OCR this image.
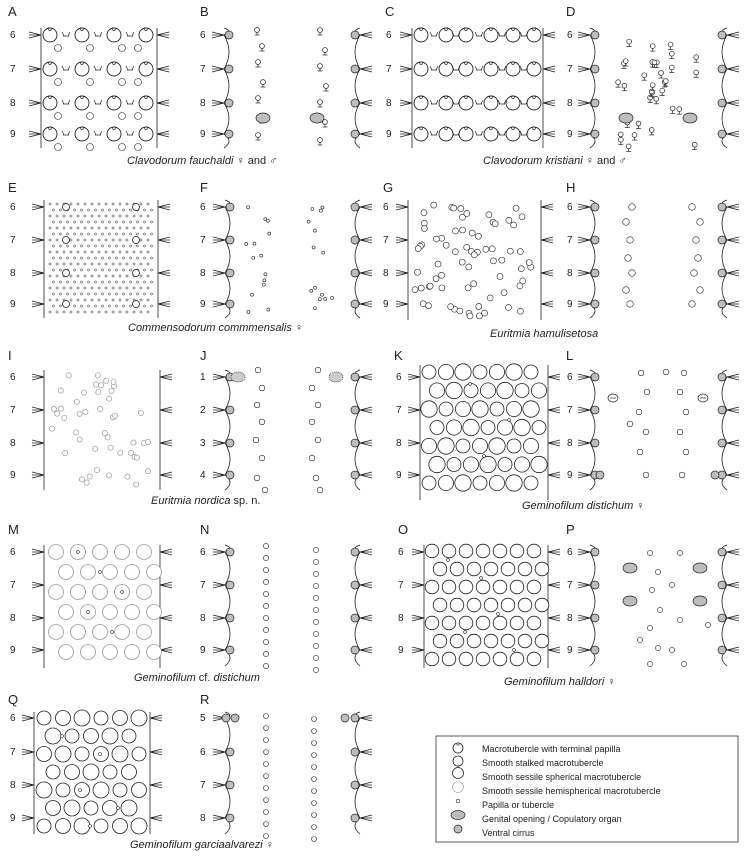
A
6
7
8
9
B
6
7
8
9
C
6
7
8
9
D
6
7
8
9
E
6
7
8
9
F
6
7
8
9
G
6
7
8
9
H
6
7
8
9
I
6
7
8
9
J
1
2
3
4
K
6
7
8
9
L
6
7
8
9
M
6
7
8
9
N
6
7
8
9
O
6
7
8
9
P
6
7
8
9
Q
6
7
8
9
R
5
6
7
8
Clavodorum fauchaldi ♀ and ♂	Clavodorum kristiani ♀ and ♂
Commensodorum commmensalis ♀	Euritmia hamulisetosa
Euritmia nordica sp. n.	Geminofilum distichum ♀
Geminofilum cf. distichum	Geminofilum halldori ♀
Geminofilum garciaalvarezi ♀
Macrotubercle with terminal papilla
Smooth stalked macrotubercle
Smooth sessile spherical macrotubercle
Smooth sessile hemispherical macrotubercle
Papilla or tubercle
Genital opening / Copulatory organ
Ventral cirrus
